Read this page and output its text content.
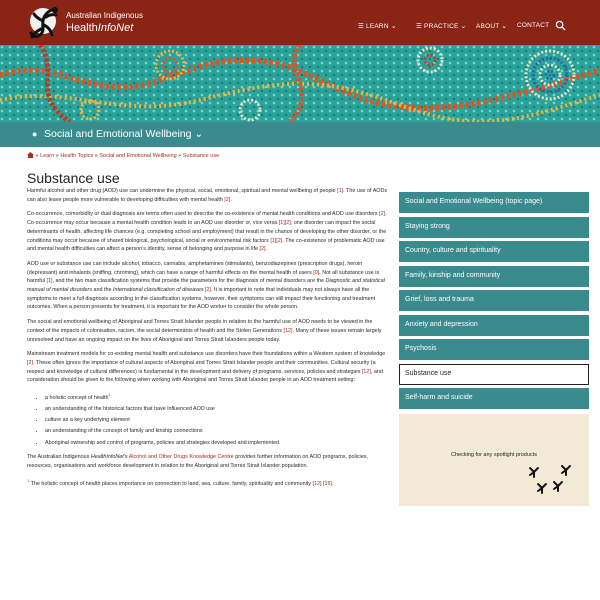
Australian Indigenous
HealthInfoNet	☰ LEARN ⌄	☰ PRACTICE ⌄ ABOUT ⌄ CONTACT
● Social and Emotional Wellbeing ⌄
» Learn » Health Topics » Social and Emotional Wellbeing » Substance use
Substance use

Harmful alcohol and other drug (AOD) use can undermine the physical, social, emotional, spiritual and mental wellbeing of people [1]. The use of AODs can also leave people more vulnerable to developing difficulties with mental health [2].

Co-occurrence, comorbidity or dual diagnosis are terms often used to describe the co-existence of mental health conditions and AOD use disorders [2]. Co-occurrence may occur because a mental health condition leads to an AOD use disorder or, vice versa [1][2]; one disorder can impact the social determinants of health, affecting life chances (e.g. completing school and employment) that result in the chance of developing the other disorder, or the conditions may occur because of shared biological, psychological, social or environmental risk factors [1][2]. The co-existence of problematic AOD use and mental health difficulties can affect a person’s identity, sense of belonging and purpose in life [2].

AOD use or substance use can include alcohol, tobacco, cannabis, amphetamines (stimulants), benzodiazepines (prescription drugs), heroin (depressant) and inhalants (sniffing, chroming), which can have a range of harmful effects on the mental health of users [9]. Not all substance use is harmful [1], and the two main classification systems that provide the parameters for the diagnosis of mental disorders are the Diagnostic and statistical manual of mental disorders and the International classification of diseases [2]. It is important to note that individuals may not always have all the symptoms to meet a full diagnosis according to the classification systems, however, their symptoms can still impact their functioning and treatment outcomes. When a person presents for treatment, it is important for the AOD worker to consider the whole person.

The social and emotional wellbeing of Aboriginal and Torres Strait Islander people in relation to the harmful use of AOD needs to be viewed in the context of the impacts of colonisation, racism, the social determinants of health and the Stolen Generations [12]. Many of these issues remain largely unresolved and have an ongoing impact on the lives of Aboriginal and Torres Strait Islanders people today.

Mainstream treatment models for co-existing mental health and substance use disorders have their foundations within a Western system of knowledge [2]. These often ignore the importance of cultural aspects of Aboriginal and Torres Strait Islander people and their communities. Cultural security (a respect and knowledge of cultural differences) is fundamental in the development and delivery of programs, services, policies and strategies [12], and consideration should be given to the following when working with Aboriginal and Torres Strait Islander people in an AOD treatment setting:

• a holistic concept of health$^1$
• an understanding of the historical factors that have influenced AOD use
• culture as a key underlying element
• an understanding of the concept of family and kinship connections
• Aboriginal ownership and control of programs, policies and strategies developed and implemented.

The Australian Indigenous HealthInfoNet’s Alcohol and Other Drugs Knowledge Centre provides further information on AOD programs, policies, resources, organisations and workforce development in relation to the Aboriginal and Torres Strait Islander population.

$^1$ The holistic concept of health places importance on connection to land, sea, culture, family, spirituality and community [12] [16].

Social and Emotional Wellbeing (topic page)
Staying strong
Country, culture and spirituality
Family, kinship and community
Grief, loss and trauma
Anxiety and depression
Psychosis
Substance use
Self-harm and suicide
Checking for any spotlight products
